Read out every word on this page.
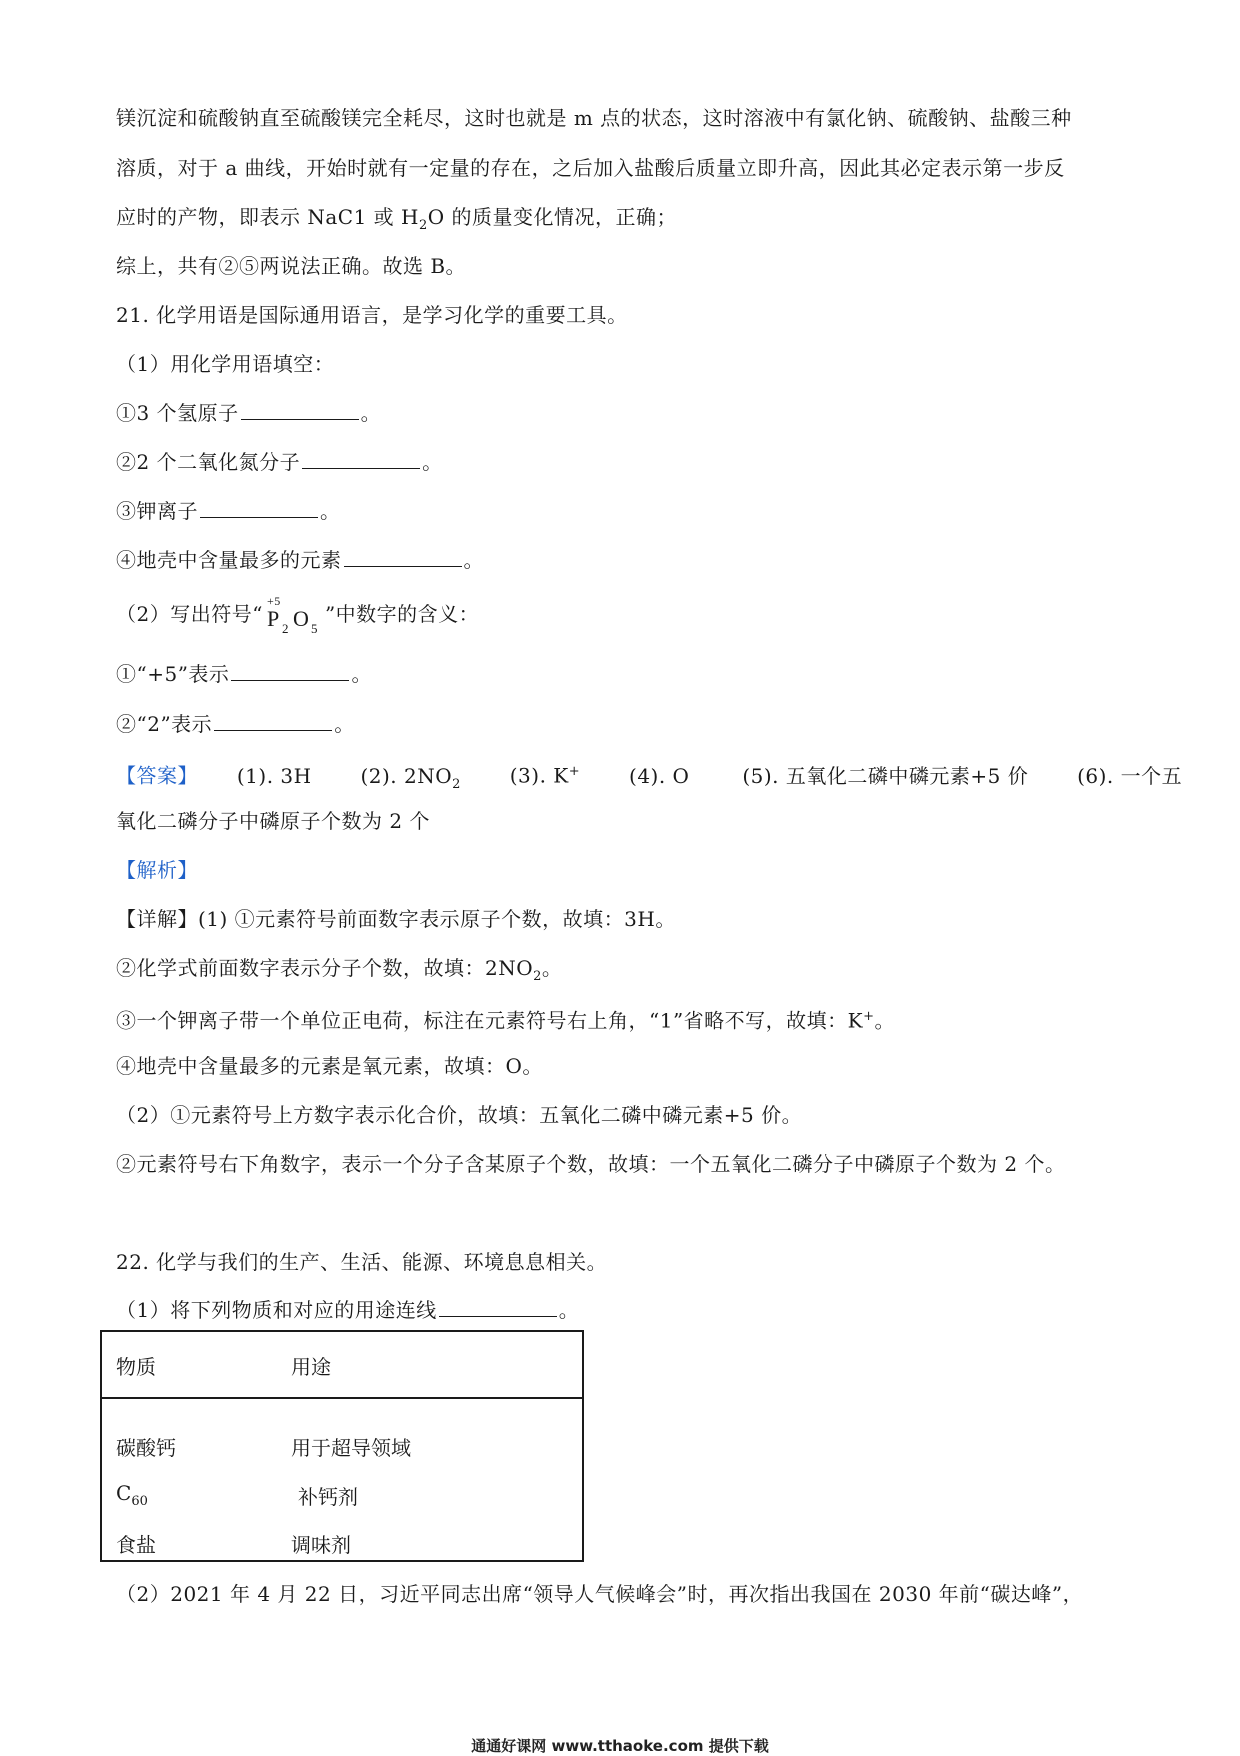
镁沉淀和硫酸钠直至硫酸镁完全耗尽，这时也就是 m 点的状态，这时溶液中有氯化钠、硫酸钠、盐酸三种
溶质，对于 a 曲线，开始时就有一定量的存在，之后加入盐酸后质量立即升高，因此其必定表示第一步反
应时的产物，即表示 NaC1 或 $H_2O$ 的质量变化情况，正确；
综上，共有②⑤两说法正确。故选 B。
21. 化学用语是国际通用语言，是学习化学的重要工具。
（1）用化学用语填空：
①3 个氢原子	。
②2 个二氧化氮分子	。
③钾离子	。
④地壳中含量最多的元素	。
（2）写出符号“
+5
P 2 O 5
”中数字的含义：
①“+5”表示	。
②“2”表示	。
【答案】 (1). 3H (2). $2NO_2$ (3). K+ (4). O	(5). 五氧化二磷中磷元素+5 价 (6). 一个五
氧化二磷分子中磷原子个数为 2 个
【解析】
【详解】(1) ①元素符号前面数字表示原子个数，故填：3H。
②化学式前面数字表示分子个数，故填：$2NO_2$。
③一个钾离子带一个单位正电荷，标注在元素符号右上角，“1”省略不写，故填：K+。
④地壳中含量最多的元素是氧元素，故填：O。
（2）①元素符号上方数字表示化合价，故填：五氧化二磷中磷元素+5 价。
②元素符号右下角数字，表示一个分子含某原子个数，故填：一个五氧化二磷分子中磷原子个数为 2 个。
22. 化学与我们的生产、生活、能源、环境息息相关。
（1）将下列物质和对应的用途连线	。
物质	用途
碳酸钙	用于超导领域
$C_{60}$	补钙剂
食盐	调味剂
（2）2021 年 4 月 22 日，习近平同志出席“领导人气候峰会”时，再次指出我国在 2030 年前“碳达峰”，
通通好课网 www.tthaoke.com 提供下载
